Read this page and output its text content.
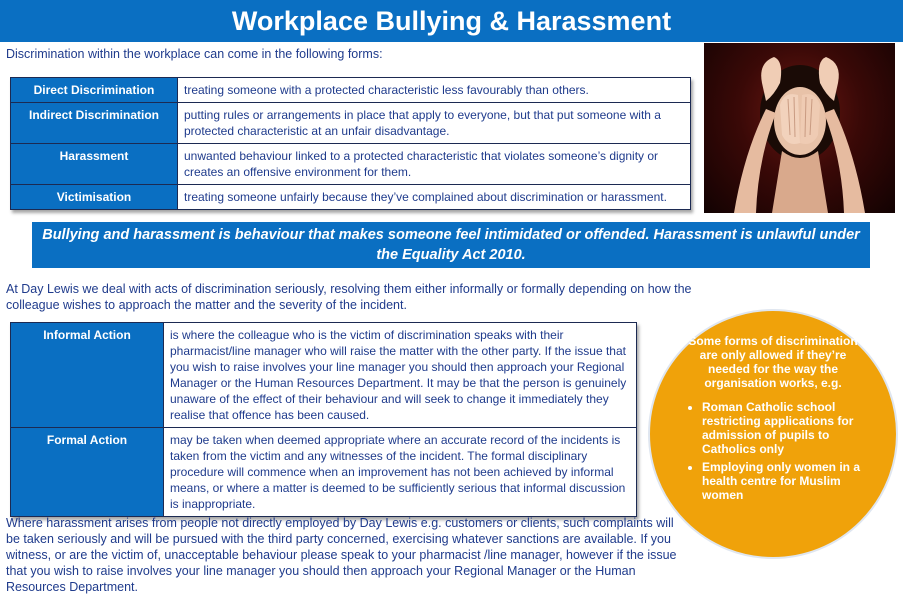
Workplace Bullying & Harassment
Discrimination within the workplace can come in the following forms:
Direct Discrimination	treating someone with a protected characteristic less favourably than others.
Indirect Discrimination	putting rules or arrangements in place that apply to everyone, but that put someone with a protected characteristic at an unfair disadvantage.
Harassment	unwanted behaviour linked to a protected characteristic that violates someone’s dignity or creates an offensive environment for them.
Victimisation	treating someone unfairly because they’ve complained about discrimination or harassment.
Bullying and harassment is behaviour that makes someone feel intimidated or offended. Harassment is unlawful under the Equality Act 2010.
At Day Lewis we deal with acts of discrimination seriously, resolving them either informally or formally depending on how the colleague wishes to approach the matter and the severity of the incident.
Informal Action	is where the colleague who is the victim of discrimination speaks with their pharmacist/line manager who will raise the matter with the other party. If the issue that you wish to raise involves your line manager you should then approach your Regional Manager or the Human Resources Department. It may be that the person is genuinely unaware of the effect of their behaviour and will seek to change it immediately they realise that offence has been caused.
Formal Action	may be taken when deemed appropriate where an accurate record of the incidents is taken from the victim and any witnesses of the incident. The formal disciplinary procedure will commence when an improvement has not been achieved by informal means, or where a matter is deemed to be sufficiently serious that informal discussion is inappropriate.
Some forms of discrimination are only allowed if they’re needed for the way the organisation works, e.g.
• Roman Catholic school restricting applications for admission of pupils to Catholics only
• Employing only women in a health centre for Muslim women
Where harassment arises from people not directly employed by Day Lewis e.g. customers or clients, such complaints will be taken seriously and will be pursued with the third party concerned, exercising whatever sanctions are available. If you witness, or are the victim of, unacceptable behaviour please speak to your pharmacist /line manager, however if the issue that you wish to raise involves your line manager you should then approach your Regional Manager or the Human Resources Department.
